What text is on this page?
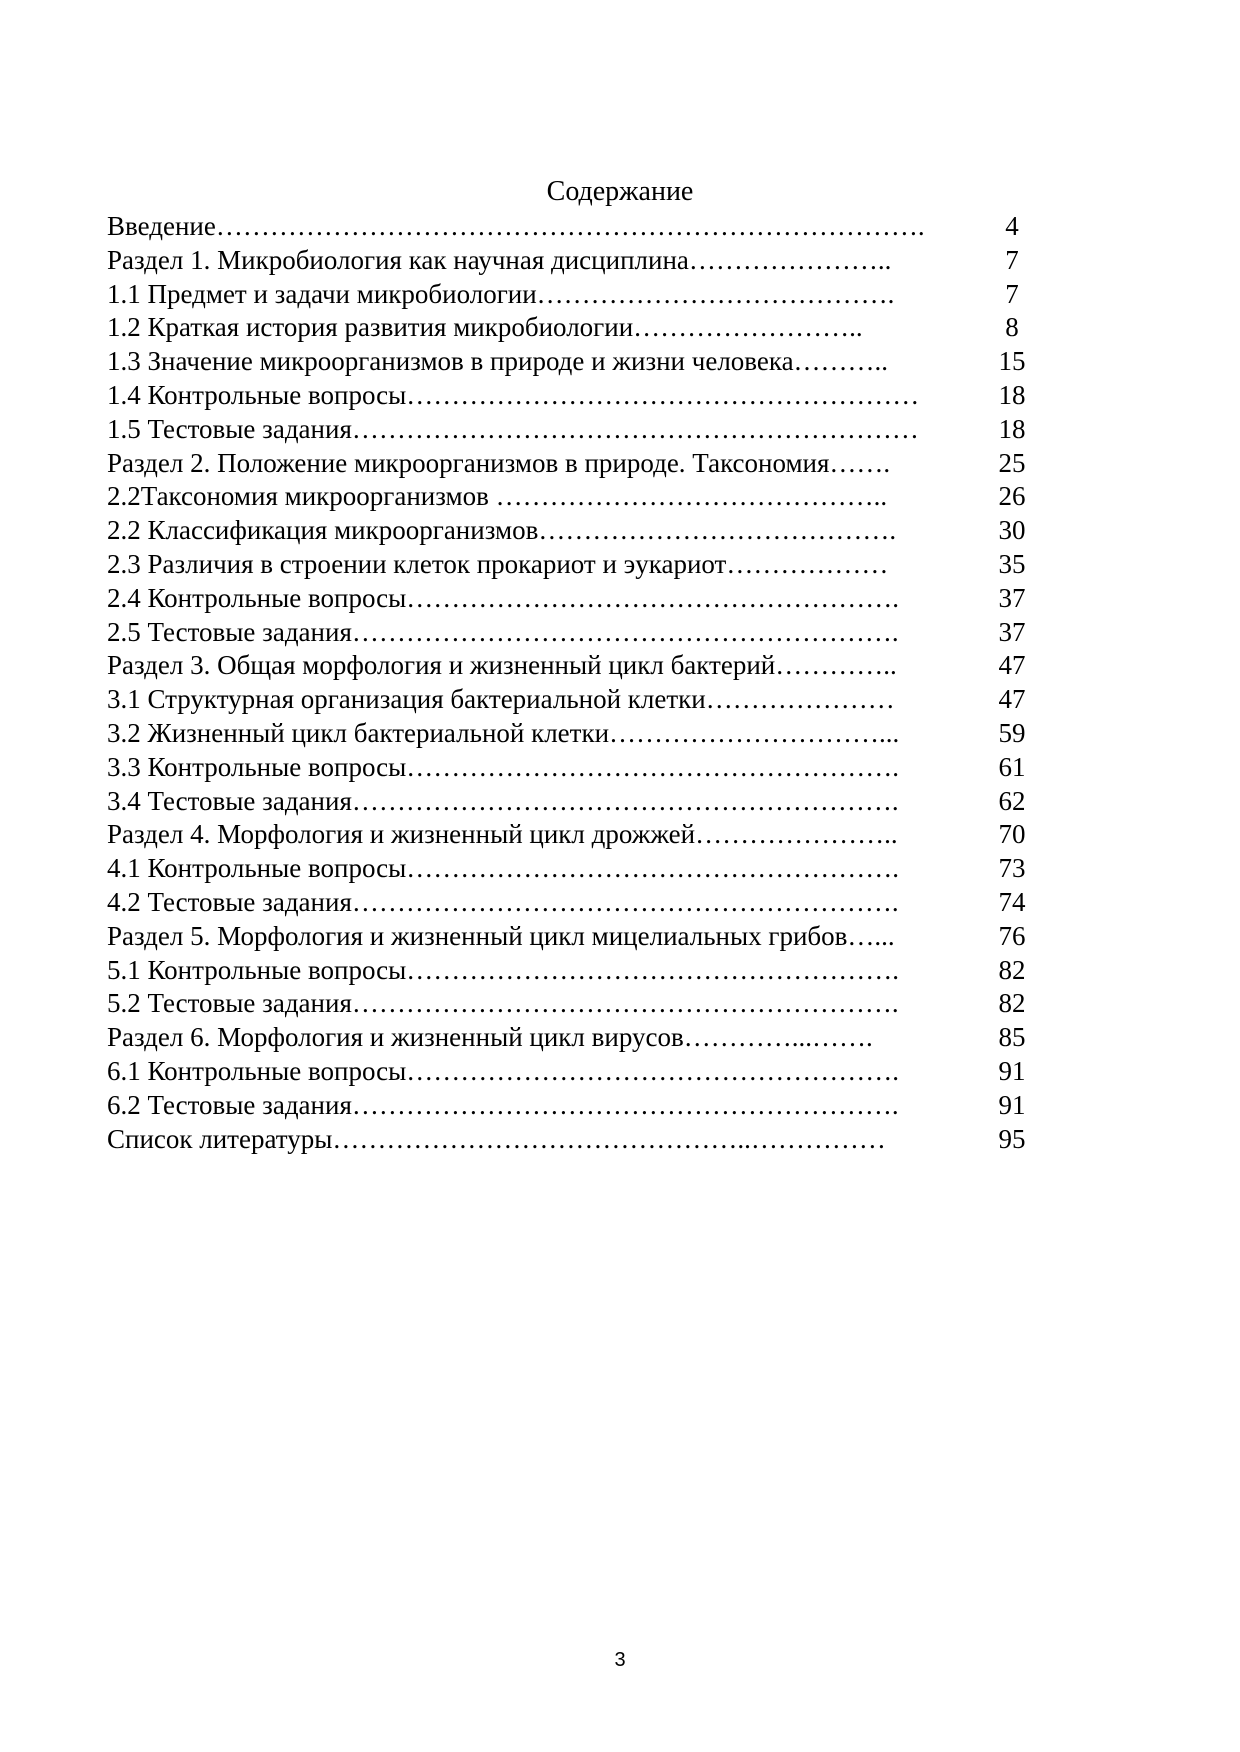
Содержание
Введение…………………………………………………………………….	4
Раздел 1. Микробиология как научная дисциплина…………………..	7
1.1 Предмет и задачи микробиологии………………………………….	7
1.2 Краткая история развития микробиологии……………………..	8
1.3 Значение микроорганизмов в природе и жизни человека………..	15
1.4 Контрольные вопросы…………………………………………………	18
1.5 Тестовые задания………………………………………………………	18
Раздел 2. Положение микроорганизмов в природе. Таксономия…….	25
2.2Таксономия микроорганизмов ……………………………………..	26
2.2 Классификация микроорганизмов………………………………….	30
2.3 Различия в строении клеток прокариот и эукариот………………	35
2.4 Контрольные вопросы……………………………………………….	37
2.5 Тестовые задания…………………………………………………….	37
Раздел 3. Общая морфология и жизненный цикл бактерий…………..	47
3.1 Структурная организация бактериальной клетки…………………	47
3.2 Жизненный цикл бактериальной клетки…………………………...	59
3.3 Контрольные вопросы……………………………………………….	61
3.4 Тестовые задания…………………………………………………….	62
Раздел 4. Морфология и жизненный цикл дрожжей…………………..	70
4.1 Контрольные вопросы……………………………………………….	73
4.2 Тестовые задания…………………………………………………….	74
Раздел 5. Морфология и жизненный цикл мицелиальных грибов…...	76
5.1 Контрольные вопросы……………………………………………….	82
5.2 Тестовые задания…………………………………………………….	82
Раздел 6. Морфология и жизненный цикл вирусов…………...…….	85
6.1 Контрольные вопросы……………………………………………….	91
6.2 Тестовые задания…………………………………………………….	91
Список литературы………………………………………..……………	95
3
